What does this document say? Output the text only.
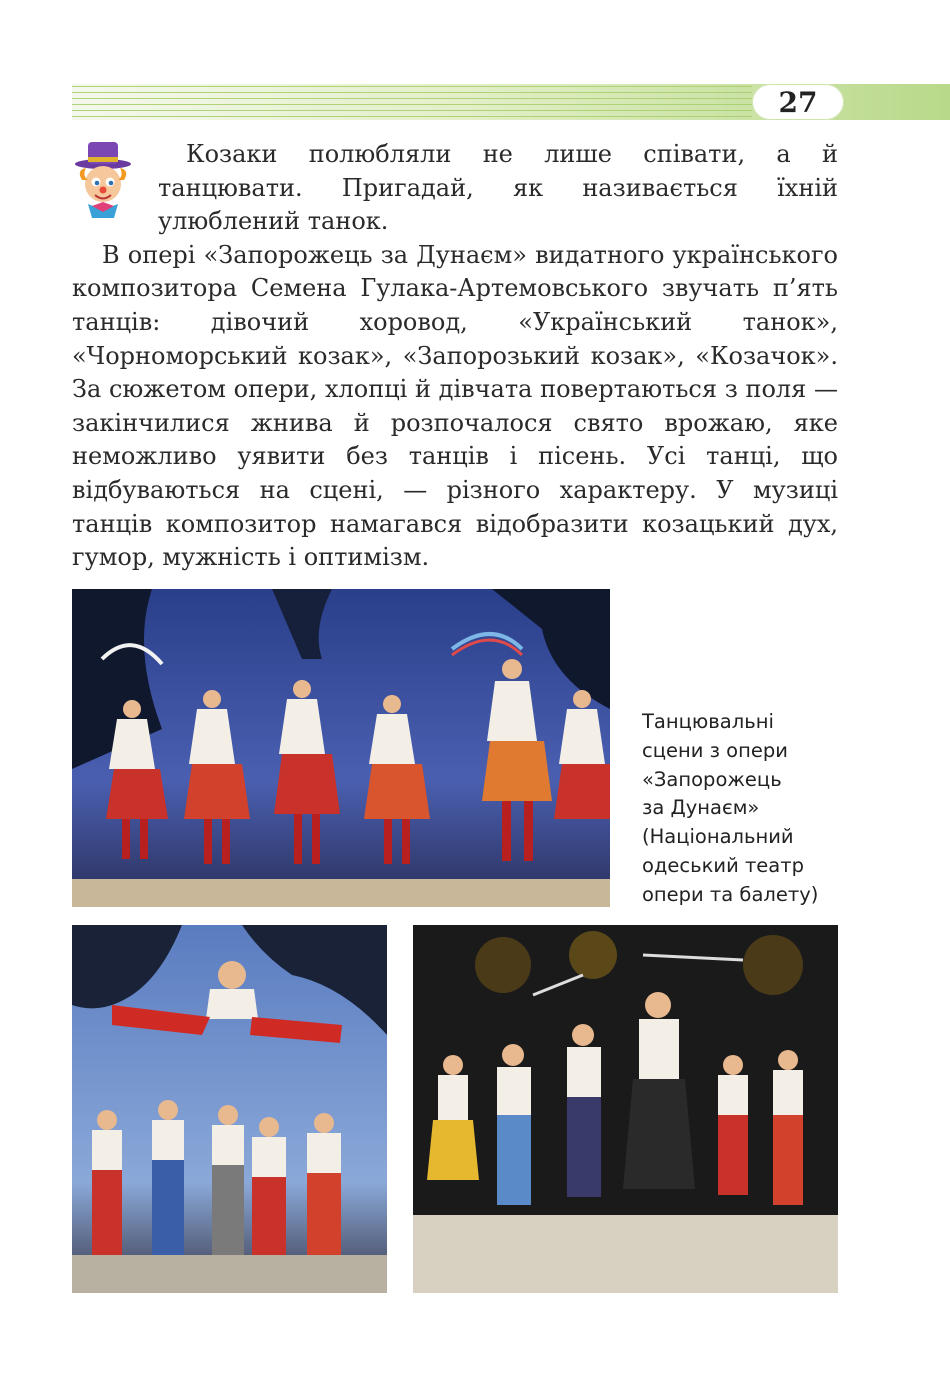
27

Козаки полюбляли не лише співати, а й танцювати. Пригадай, як називається їхній улюблений танок.

В опері «Запорожець за Дунаєм» видатного українського композитора Семена Гулака-Артемовського звучать п’ять танців: дівочий хоровод, «Український танок», «Чорноморський козак», «Запорозький козак», «Козачок». За сюжетом опери, хлопці й дівчата повертаються з поля — закінчилися жнива й розпочалося свято врожаю, яке неможливо уявити без танців і пісень. Усі танці, що відбуваються на сцені, — різного характеру. У музиці танців композитор намагався відобразити козацький дух, гумор, мужність і оптимізм.

Танцювальні
сцени з опери
«Запорожець
за Дунаєм»
(Національний
одеський театр
опери та балету)
